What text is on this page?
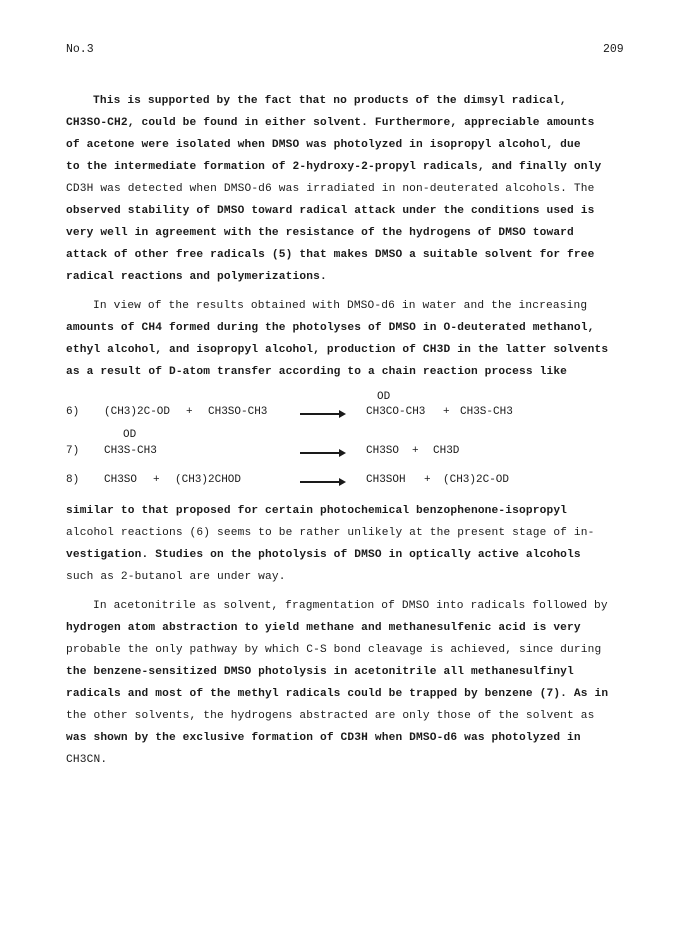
No.3	209
This is supported by the fact that no products of the dimsyl radical,
CH3SO-CH2, could be found in either solvent. Furthermore, appreciable amounts
of acetone were isolated when DMSO was photolyzed in isopropyl alcohol, due
to the intermediate formation of 2-hydroxy-2-propyl radicals, and finally only
CD3H was detected when DMSO-d6 was irradiated in non-deuterated alcohols. The
observed stability of DMSO toward radical attack under the conditions used is
very well in agreement with the resistance of the hydrogens of DMSO toward
attack of other free radicals (5) that makes DMSO a suitable solvent for free
radical reactions and polymerizations.
In view of the results obtained with DMSO-d6 in water and the increasing
amounts of CH4 formed during the photolyses of DMSO in O-deuterated methanol,
ethyl alcohol, and isopropyl alcohol, production of CH3D in the latter solvents
as a result of D-atom transfer according to a chain reaction process like
OD
6) (CH3)2C-OD + CH3SO-CH3	CH3CO-CH3 + CH3S-CH3
OD
7) CH3S-CH3	CH3SO + CH3D
8) CH3SO + (CH3)2CHOD	CH3SOH + (CH3)2C-OD
similar to that proposed for certain photochemical benzophenone-isopropyl
alcohol reactions (6) seems to be rather unlikely at the present stage of in-
vestigation. Studies on the photolysis of DMSO in optically active alcohols
such as 2-butanol are under way.
In acetonitrile as solvent, fragmentation of DMSO into radicals followed by
hydrogen atom abstraction to yield methane and methanesulfenic acid is very
probable the only pathway by which C-S bond cleavage is achieved, since during
the benzene-sensitized DMSO photolysis in acetonitrile all methanesulfinyl
radicals and most of the methyl radicals could be trapped by benzene (7). As in
the other solvents, the hydrogens abstracted are only those of the solvent as
was shown by the exclusive formation of CD3H when DMSO-d6 was photolyzed in
CH3CN.
